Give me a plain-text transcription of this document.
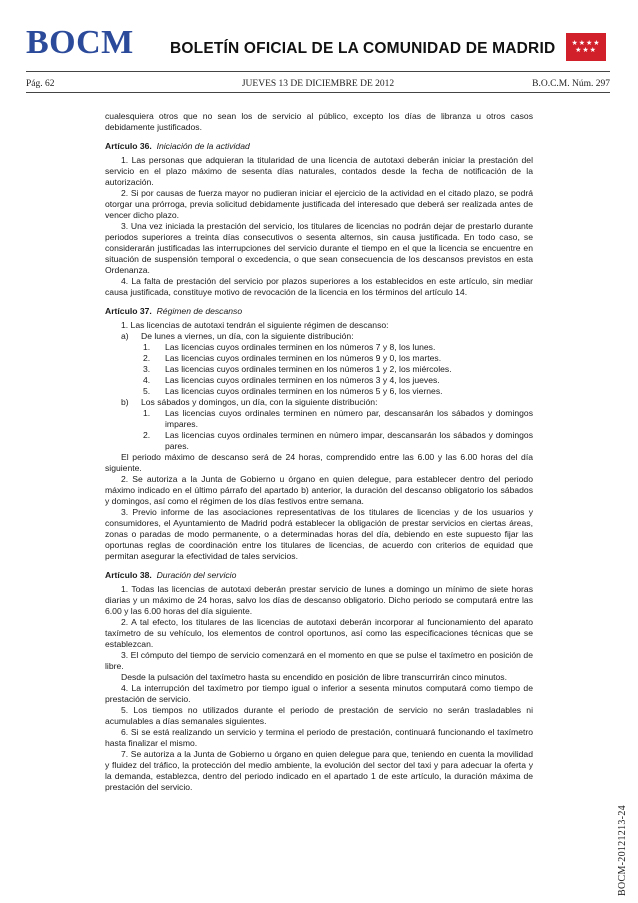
BOCM BOLETÍN OFICIAL DE LA COMUNIDAD DE MADRID ★★★★
★★★
Pág. 62	JUEVES 13 DE DICIEMBRE DE 2012	B.O.C.M. Núm. 297

cualesquiera otros que no sean los de servicio al público, excepto los días de libranza u otros casos debidamente justificados.

Artículo 36. Iniciación de la actividad

1. Las personas que adquieran la titularidad de una licencia de autotaxi deberán iniciar la prestación del servicio en el plazo máximo de sesenta días naturales, contados desde la fecha de notificación de la autorización.

2. Si por causas de fuerza mayor no pudieran iniciar el ejercicio de la actividad en el citado plazo, se podrá otorgar una prórroga, previa solicitud debidamente justificada del interesado que deberá ser realizada antes de vencer dicho plazo.

3. Una vez iniciada la prestación del servicio, los titulares de licencias no podrán dejar de prestarlo durante periodos superiores a treinta días consecutivos o sesenta alternos, sin causa justificada. En todo caso, se considerarán justificadas las interrupciones del servicio durante el tiempo en el que la licencia se encuentre en situación de suspensión temporal o excedencia, o que sean consecuencia de los descansos previstos en esta Ordenanza.

4. La falta de prestación del servicio por plazos superiores a los establecidos en este artículo, sin mediar causa justificada, constituye motivo de revocación de la licencia en los términos del artículo 14.

Artículo 37. Régimen de descanso

1. Las licencias de autotaxi tendrán el siguiente régimen de descanso:

a)	De lunes a viernes, un día, con la siguiente distribución:
1.	Las licencias cuyos ordinales terminen en los números 7 y 8, los lunes.
2.	Las licencias cuyos ordinales terminen en los números 9 y 0, los martes.
3.	Las licencias cuyos ordinales terminen en los números 1 y 2, los miércoles.
4.	Las licencias cuyos ordinales terminen en los números 3 y 4, los jueves.
5.	Las licencias cuyos ordinales terminen en los números 5 y 6, los viernes.
b)	Los sábados y domingos, un día, con la siguiente distribución:
1.	Las licencias cuyos ordinales terminen en número par, descansarán los sábados y domingos impares.
2.	Las licencias cuyos ordinales terminen en número impar, descansarán los sábados y domingos pares.

El periodo máximo de descanso será de 24 horas, comprendido entre las 6.00 y las 6.00 horas del día siguiente.

2. Se autoriza a la Junta de Gobierno u órgano en quien delegue, para establecer dentro del periodo máximo indicado en el último párrafo del apartado b) anterior, la duración del descanso obligatorio los sábados y domingos, así como el régimen de los días festivos entre semana.

3. Previo informe de las asociaciones representativas de los titulares de licencias y de los usuarios y consumidores, el Ayuntamiento de Madrid podrá establecer la obligación de prestar servicios en ciertas áreas, zonas o paradas de modo permanente, o a determinadas horas del día, debiendo en este supuesto fijar las oportunas reglas de coordinación entre los titulares de licencias, de acuerdo con criterios de equidad que permitan asegurar la efectividad de tales servicios.

Artículo 38. Duración del servicio

1. Todas las licencias de autotaxi deberán prestar servicio de lunes a domingo un mínimo de siete horas diarias y un máximo de 24 horas, salvo los días de descanso obligatorio. Dicho periodo se computará entre las 6.00 y las 6.00 horas del día siguiente.

2. A tal efecto, los titulares de las licencias de autotaxi deberán incorporar al funcionamiento del aparato taxímetro de su vehículo, los elementos de control oportunos, así como las especificaciones técnicas que se establezcan.

3. El cómputo del tiempo de servicio comenzará en el momento en que se pulse el taxímetro en posición de libre.

Desde la pulsación del taxímetro hasta su encendido en posición de libre transcurrirán cinco minutos.

4. La interrupción del taxímetro por tiempo igual o inferior a sesenta minutos computará como tiempo de prestación de servicio.

5. Los tiempos no utilizados durante el periodo de prestación de servicio no serán trasladables ni acumulables a días semanales siguientes.

6. Si se está realizando un servicio y termina el periodo de prestación, continuará funcionando el taxímetro hasta finalizar el mismo.

7. Se autoriza a la Junta de Gobierno u órgano en quien delegue para que, teniendo en cuenta la movilidad y fluidez del tráfico, la protección del medio ambiente, la evolución del sector del taxi y para adecuar la oferta y la demanda, establezca, dentro del periodo indicado en el apartado 1 de este artículo, la duración máxima de prestación del servicio.

BOCM-20121213-24
